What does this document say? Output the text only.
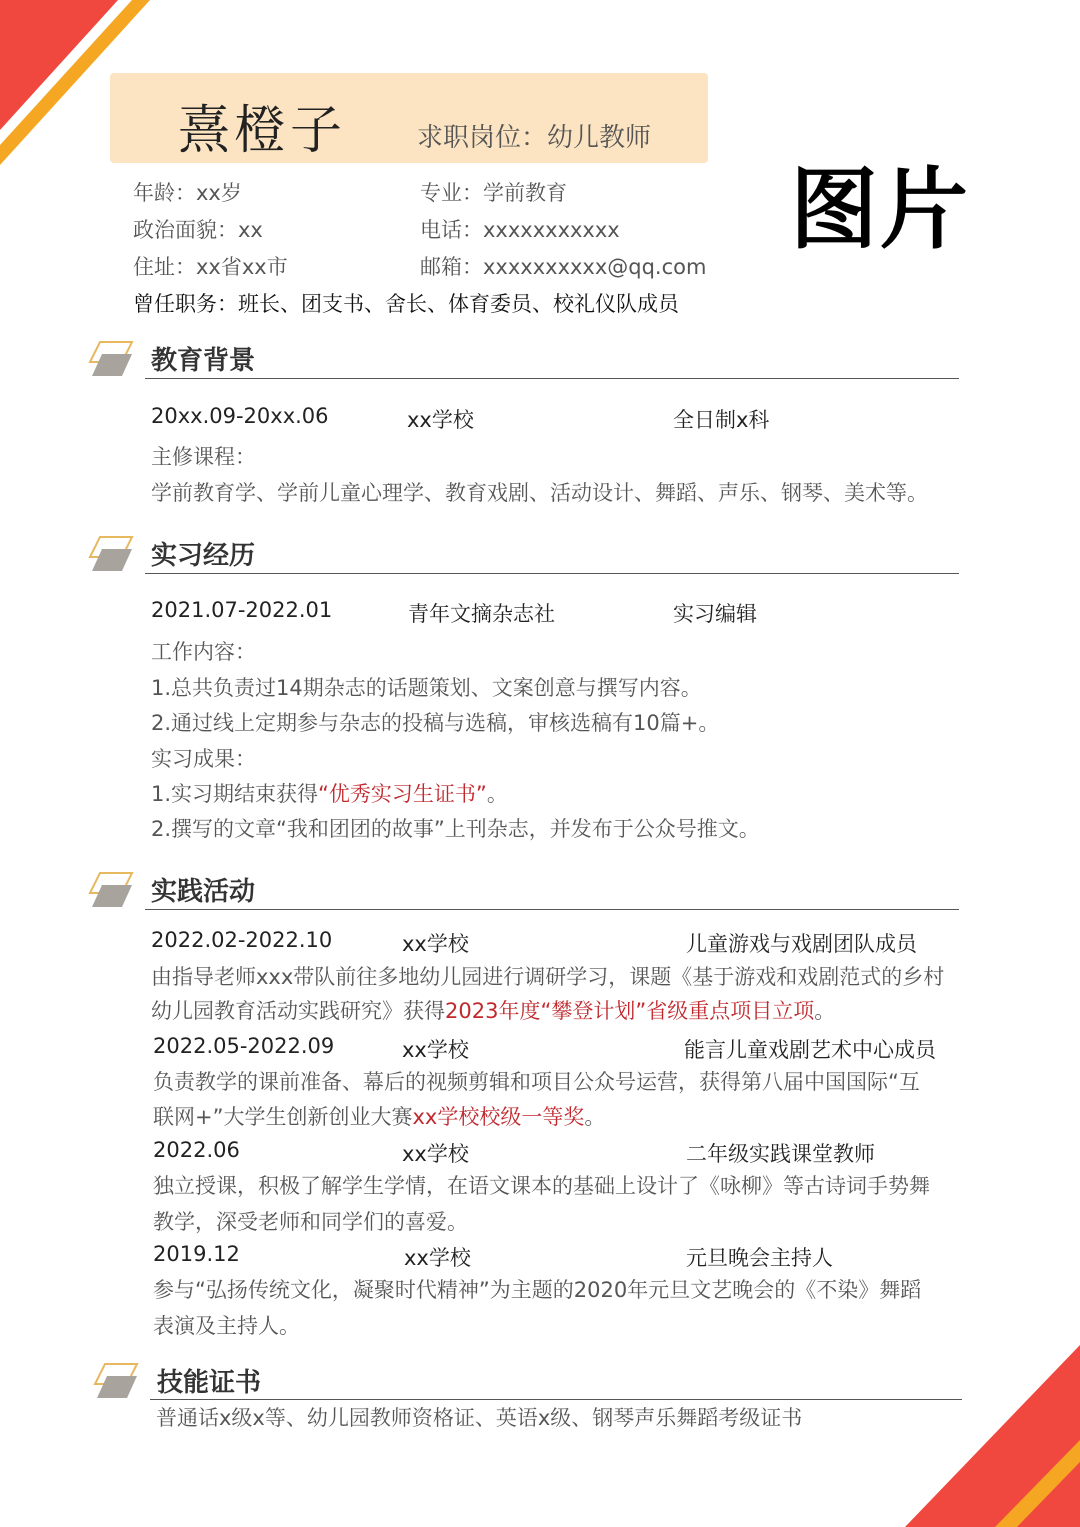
熹橙子	求职岗位：幼儿教师
图片
年龄：xx岁	专业：学前教育
政治面貌：xx	电话：xxxxxxxxxxx
住址：xx省xx市	邮箱：xxxxxxxxxx@qq.com
曾任职务：班长、团支书、舍长、体育委员、校礼仪队成员
教育背景
20xx.09-20xx.06	xx学校	全日制x科
主修课程：
学前教育学、学前儿童心理学、教育戏剧、活动设计、舞蹈、声乐、钢琴、美术等。
实习经历
2021.07-2022.01	青年文摘杂志社	实习编辑
工作内容：
1.总共负责过14期杂志的话题策划、文案创意与撰写内容。
2.通过线上定期参与杂志的投稿与选稿，审核选稿有10篇+。
实习成果：
1.实习期结束获得“优秀实习生证书”。
2.撰写的文章“我和团团的故事”上刊杂志，并发布于公众号推文。
实践活动
2022.02-2022.10	xx学校	儿童游戏与戏剧团队成员
由指导老师xxx带队前往多地幼儿园进行调研学习，课题《基于游戏和戏剧范式的乡村
幼儿园教育活动实践研究》获得2023年度“攀登计划”省级重点项目立项。
2022.05-2022.09	xx学校	能言儿童戏剧艺术中心成员
负责教学的课前准备、幕后的视频剪辑和项目公众号运营，获得第八届中国国际“互
联网+”大学生创新创业大赛xx学校校级一等奖。
2022.06	xx学校	二年级实践课堂教师
独立授课，积极了解学生学情，在语文课本的基础上设计了《咏柳》等古诗词手势舞
教学，深受老师和同学们的喜爱。
2019.12	xx学校	元旦晚会主持人
参与“弘扬传统文化，凝聚时代精神”为主题的2020年元旦文艺晚会的《不染》舞蹈
表演及主持人。
技能证书
普通话x级x等、幼儿园教师资格证、英语x级、钢琴声乐舞蹈考级证书
